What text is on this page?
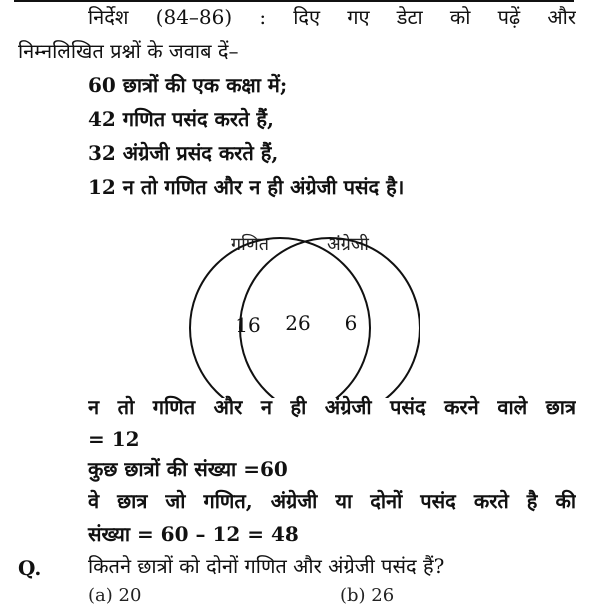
निर्देश (84–86) : दिए गए डेटा को पढ़ें और
निम्नलिखित प्रश्नों के जवाब दें–
60 छात्रों की एक कक्षा में;
42 गणित पसंद करते हैं,
32 अंग्रेजी प्रसंद करते हैं,
12 न तो गणित और न ही अंग्रेजी पसंद है।
गणित	अंग्रेजी
16 26 6
न तो गणित और न ही अंग्रेजी पसंद करने वाले छात्र
= 12
कुछ छात्रों की संख्या =60
वे छात्र जो गणित, अंग्रेजी या दोनों पसंद करते है की
संख्या = 60 – 12 = 48
Q. कितने छात्रों को दोनों गणित और अंग्रेजी पसंद हैं?
(a) 20	(b) 26
